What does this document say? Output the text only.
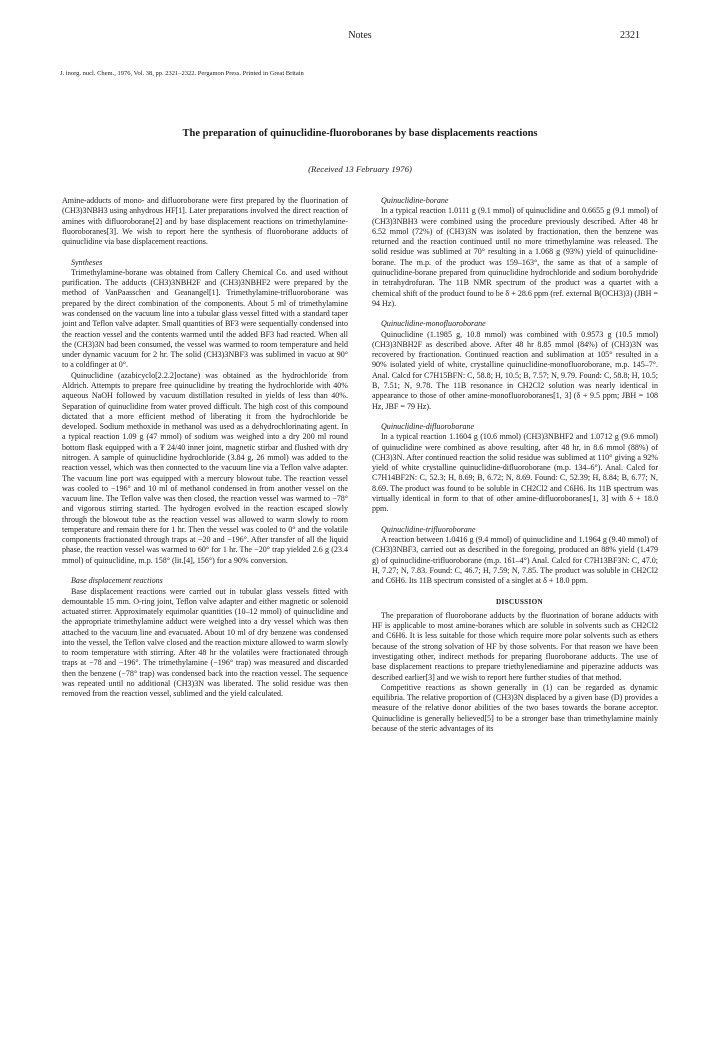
Notes	2321
J. inorg. nucl. Chem., 1976, Vol. 38, pp. 2321–2322. Pergamon Press. Printed in Great Britain
The preparation of quinuclidine-fluoroboranes by base displacements reactions
(Received 13 February 1976)

Amine-adducts of mono- and difluoroborane were first prepared by the fluorination of (CH3)3NBH3 using anhydrous HF[1]. Later preparations involved the direct reaction of amines with difluoroborane[2] and by base displacement reactions on trimethylamine-fluoroboranes[3]. We wish to report here the synthesis of fluoroborane adducts of quinuclidine via base displacement reactions.

Syntheses

Trimethylamine-borane was obtained from Callery Chemical Co. and used without purification. The adducts (CH3)3NBH2F and (CH3)3NBHF2 were prepared by the method of VanPaasschen and Geanangel[1]. Trimethylamine-trifluoroborane was prepared by the direct combination of the components. About 5 ml of trimethylamine was condensed on the vacuum line into a tubular glass vessel fitted with a standard taper joint and Teflon valve adapter. Small quantities of BF3 were sequentially condensed into the reaction vessel and the contents warmed until the added BF3 had reacted. When all the (CH3)3N had been consumed, the vessel was warmed to room temperature and held under dynamic vacuum for 2 hr. The solid (CH3)3NBF3 was sublimed in vacuo at 90° to a coldfinger at 0°.

Quinuclidine (azabicyclo[2.2.2]octane) was obtained as the hydrochloride from Aldrich. Attempts to prepare free quinuclidine by treating the hydrochloride with 40% aqueous NaOH followed by vacuum distillation resulted in yields of less than 40%. Separation of quinuclidine from water proved difficult. The high cost of this compound dictated that a more efficient method of liberating it from the hydrochloride be developed. Sodium methoxide in methanol was used as a dehydrochlorinating agent. In a typical reaction 1.09 g (47 mmol) of sodium was weighed into a dry 200 ml round bottom flask equipped with a ₮ 24/40 inner joint, magnetic stirbar and flushed with dry nitrogen. A sample of quinuclidine hydrochloride (3.84 g, 26 mmol) was added to the reaction vessel, which was then connected to the vacuum line via a Teflon valve adapter. The vacuum line port was equipped with a mercury blowout tube. The reaction vessel was cooled to −196° and 10 ml of methanol condensed in from another vessel on the vacuum line. The Teflon valve was then closed, the reaction vessel was warmed to −78° and vigorous stirring started. The hydrogen evolved in the reaction escaped slowly through the blowout tube as the reaction vessel was allowed to warm slowly to room temperature and remain there for 1 hr. Then the vessel was cooled to 0° and the volatile components fractionated through traps at −20 and −196°. After transfer of all the liquid phase, the reaction vessel was warmed to 60° for 1 hr. The −20° trap yielded 2.6 g (23.4 mmol) of quinuclidine, m.p. 158° (lit.[4], 156°) for a 90% conversion.

Base displacement reactions

Base displacement reactions were carried out in tubular glass vessels fitted with demountable 15 mm. O-ring joint, Teflon valve adapter and either magnetic or solenoid actuated stirrer. Approximately equimolar quantities (10–12 mmol) of quinuclidine and the appropriate trimethylamine adduct were weighed into a dry vessel which was then attached to the vacuum line and evacuated. About 10 ml of dry benzene was condensed into the vessel, the Teflon valve closed and the reaction mixture allowed to warm slowly to room temperature with stirring. After 48 hr the volatiles were fractionated through traps at −78 and −196°. The trimethylamine (−196° trap) was measured and discarded then the benzene (−78° trap) was condensed back into the reaction vessel. The sequence was repeated until no additional (CH3)3N was liberated. The solid residue was then removed from the reaction vessel, sublimed and the yield calculated.

Quinuclidine-borane

In a typical reaction 1.0111 g (9.1 mmol) of quinuclidine and 0.6655 g (9.1 mmol) of (CH3)3NBH3 were combined using the procedure previously described. After 48 hr 6.52 mmol (72%) of (CH3)3N was isolated by fractionation, then the benzene was returned and the reaction continued until no more trimethylamine was released. The solid residue was sublimed at 70° resulting in a 1.068 g (93%) yield of quinuclidine-borane. The m.p. of the product was 159–163°, the same as that of a sample of quinuclidine-borane prepared from quinuclidine hydrochloride and sodium borohydride in tetrahydrofuran. The 11B NMR spectrum of the product was a quartet with a chemical shift of the product found to be δ + 28.6 ppm (ref. external B(OCH3)3) (JBH = 94 Hz).

Quinuclidine-monofluoroborane

Quinuclidine (1.1985 g, 10.8 mmol) was combined with 0.9573 g (10.5 mmol) (CH3)3NBH2F as described above. After 48 hr 8.85 mmol (84%) of (CH3)3N was recovered by fractionation. Continued reaction and sublimation at 105° resulted in a 90% isolated yield of white, crystalline quinuclidine-monofluoroborane, m.p. 145–7°. Anal. Calcd for C7H15BFN: C, 58.8; H, 10.5; B, 7.57; N, 9.79. Found: C, 58.8; H, 10.5; B, 7.51; N, 9.78. The 11B resonance in CH2Cl2 solution was nearly identical in appearance to those of other amine-monofluoroboranes[1, 3] (δ + 9.5 ppm; JBH = 108 Hz, JBF = 79 Hz).

Quinuclidine-difluoroborane

In a typical reaction 1.1604 g (10.6 mmol) (CH3)3NBHF2 and 1.0712 g (9.6 mmol) of quinuclidine were combined as above resulting, after 48 hr, in 8.6 mmol (88%) of (CH3)3N. After continued reaction the solid residue was sublimed at 110° giving a 92% yield of white crystalline quinuclidine-difluoroborane (m.p. 134–6°). Anal. Calcd for C7H14BF2N: C, 52.3; H, 8.69; B, 6.72; N, 8.69. Found: C, 52.39; H, 8.84; B, 6.77; N, 8.69. The product was found to be soluble in CH2Cl2 and C6H6. Its 11B spectrum was virtually identical in form to that of other amine-difluoroboranes[1, 3] with δ + 18.0 ppm.

Quinuclidine-trifluoroborane

A reaction between 1.0416 g (9.4 mmol) of quinuclidine and 1.1964 g (9.40 mmol) of (CH3)3NBF3, carried out as described in the foregoing, produced an 88% yield (1.479 g) of quinuclidine-trifluoroborane (m.p. 161–4°) Anal. Calcd for C7H13BF3N: C, 47.0; H, 7.27; N, 7.83. Found: C, 46.7; H, 7.59; N, 7.85. The product was soluble in CH2Cl2 and C6H6. Its 11B spectrum consisted of a singlet at δ + 18.0 ppm.

DISCUSSION

The preparation of fluoroborane adducts by the fluorination of borane adducts with HF is applicable to most amine-boranes which are soluble in solvents such as CH2Cl2 and C6H6. It is less suitable for those which require more polar solvents such as ethers because of the strong solvation of HF by those solvents. For that reason we have been investigating other, indirect methods for preparing fluoroborane adducts. The use of base displacement reactions to prepare triethylenediamine and piperazine adducts was described earlier[3] and we wish to report here further studies of that method.

Competitive reactions as shown generally in (1) can be regarded as dynamic equilibria. The relative proportion of (CH3)3N displaced by a given base (D) provides a measure of the relative donor abilities of the two bases towards the borane acceptor. Quinuclidine is generally believed[5] to be a stronger base than trimethylamine mainly because of the steric advantages of its
